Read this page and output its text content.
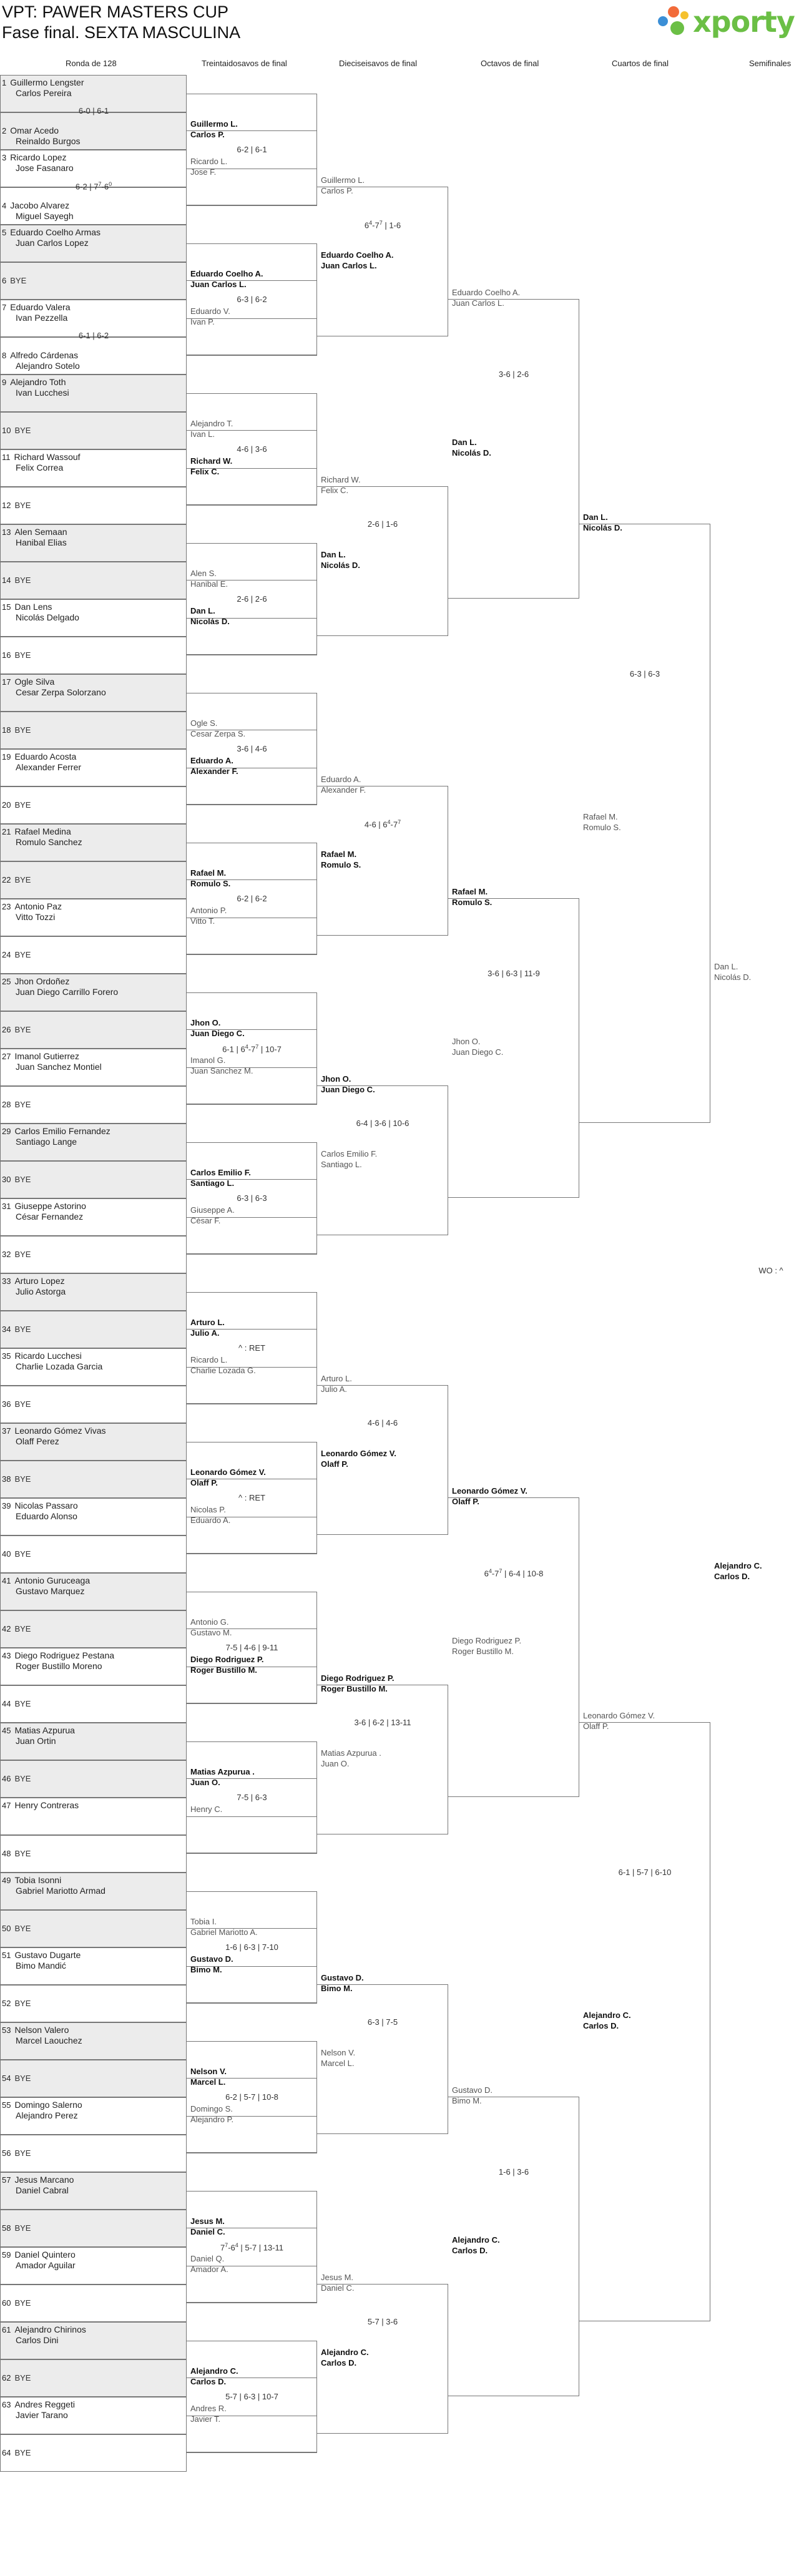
VPT: PAWER MASTERS CUP
Fase final. SEXTA MASCULINA	xporty
Ronda de 128	Treintaidosavos de final	Dieciseisavos de final	Octavos de final	Cuartos de final	Semifinales
1 Guillermo Lengster
Carlos Pereira
2 Omar Acedo
Reinaldo Burgos
3 Ricardo Lopez
Jose Fasanaro
4 Jacobo Alvarez
Miguel Sayegh
5 Eduardo Coelho Armas
Juan Carlos Lopez
6 BYE
7 Eduardo Valera
Ivan Pezzella
8 Alfredo Cárdenas
Alejandro Sotelo
9 Alejandro Toth
Ivan Lucchesi
10 BYE
11 Richard Wassouf
Felix Correa
12 BYE
13 Alen Semaan
Hanibal Elias
14 BYE
15 Dan Lens
Nicolás Delgado
16 BYE
17 Ogle Silva
Cesar Zerpa Solorzano
18 BYE
19 Eduardo Acosta
Alexander Ferrer
20 BYE
21 Rafael Medina
Romulo Sanchez
22 BYE
23 Antonio Paz
Vitto Tozzi
24 BYE
25 Jhon Ordoñez
Juan Diego Carrillo Forero
26 BYE
27 Imanol Gutierrez
Juan Sanchez Montiel
28 BYE
29 Carlos Emilio Fernandez
Santiago Lange
30 BYE
31 Giuseppe Astorino
César Fernandez
32 BYE
33 Arturo Lopez
Julio Astorga
34 BYE
35 Ricardo Lucchesi
Charlie Lozada Garcia
36 BYE
37 Leonardo Gómez Vivas
Olaff Perez
38 BYE
39 Nicolas Passaro
Eduardo Alonso
40 BYE
41 Antonio Guruceaga
Gustavo Marquez
42 BYE
43 Diego Rodriguez Pestana
Roger Bustillo Moreno
44 BYE
45 Matias Azpurua
Juan Ortin
46 BYE
47 Henry Contreras
48 BYE
49 Tobia Isonni
Gabriel Mariotto Armad
50 BYE
51 Gustavo Dugarte
Bimo Mandić
52 BYE
53 Nelson Valero
Marcel Laouchez
54 BYE
55 Domingo Salerno
Alejandro Perez
56 BYE
57 Jesus Marcano
Daniel Cabral
58 BYE
59 Daniel Quintero
Amador Aguilar
60 BYE
61 Alejandro Chirinos
Carlos Dini
62 BYE
63 Andres Reggeti
Javier Tarano
64 BYE
6-0 | 6-1
6-2 | $7^7-6^0$
6-1 | 6-2
Guillermo L.
Carlos P.
6-2 | 6-1
Ricardo L.
Jose F.
Eduardo Coelho A.
Juan Carlos L.
6-3 | 6-2
Eduardo V.
Ivan P.
Alejandro T.
Ivan L.
4-6 | 3-6
Richard W.
Felix C.
Alen S.
Hanibal E.
2-6 | 2-6
Dan L.
Nicolás D.
Ogle S.
Cesar Zerpa S.
3-6 | 4-6
Eduardo A.
Alexander F.
Rafael M.
Romulo S.
6-2 | 6-2
Antonio P.
Vitto T.
Jhon O.
Juan Diego C.
6-1 | $6^4-7^7$ | 10-7
Imanol G.
Juan Sanchez M.
Carlos Emilio F.
Santiago L.
6-3 | 6-3
Giuseppe A.
César F.
Arturo L.
Julio A.
^ : RET
Ricardo L.
Charlie Lozada G.
Leonardo Gómez V.
Olaff P.
^ : RET
Nicolas P.
Eduardo A.
Antonio G.
Gustavo M.
7-5 | 4-6 | 9-11
Diego Rodriguez P.
Roger Bustillo M.
Matias Azpurua .
Juan O.
7-5 | 6-3
Henry C.
Tobia I.
Gabriel Mariotto A.
1-6 | 6-3 | 7-10
Gustavo D.
Bimo M.
Nelson V.
Marcel L.
6-2 | 5-7 | 10-8
Domingo S.
Alejandro P.
Jesus M.
Daniel C.
$7^7-6^4$ | 5-7 | 13-11
Daniel Q.
Amador A.
Alejandro C.
Carlos D.
5-7 | 6-3 | 10-7
Andres R.
Javier T.
Guillermo L.
Carlos P.
$6^4-7^7$ | 1-6
Eduardo Coelho A.
Juan Carlos L.
Richard W.
Felix C.
2-6 | 1-6
Dan L.
Nicolás D.
Eduardo A.
Alexander F.
4-6 | $6^4-7^7$
Rafael M.
Romulo S.
Jhon O.
Juan Diego C.
6-4 | 3-6 | 10-6
Carlos Emilio F.
Santiago L.
Arturo L.
Julio A.
4-6 | 4-6
Leonardo Gómez V.
Olaff P.
Diego Rodriguez P.
Roger Bustillo M.
3-6 | 6-2 | 13-11
Matias Azpurua .
Juan O.
Gustavo D.
Bimo M.
6-3 | 7-5
Nelson V.
Marcel L.
Jesus M.
Daniel C.
5-7 | 3-6
Alejandro C.
Carlos D.
Eduardo Coelho A.
Juan Carlos L.
3-6 | 2-6
Dan L.
Nicolás D.
Rafael M.
Romulo S.
3-6 | 6-3 | 11-9
Jhon O.
Juan Diego C.
Leonardo Gómez V.
Olaff P.
$6^4-7^7$ | 6-4 | 10-8
Diego Rodriguez P.
Roger Bustillo M.
Gustavo D.
Bimo M.
1-6 | 3-6
Alejandro C.
Carlos D.
Dan L.
Nicolás D.
6-3 | 6-3
Rafael M.
Romulo S.
Leonardo Gómez V.
Olaff P.
6-1 | 5-7 | 6-10
Alejandro C.
Carlos D.
Dan L.
Nicolás D.
WO : ^
Alejandro C.
Carlos D.
